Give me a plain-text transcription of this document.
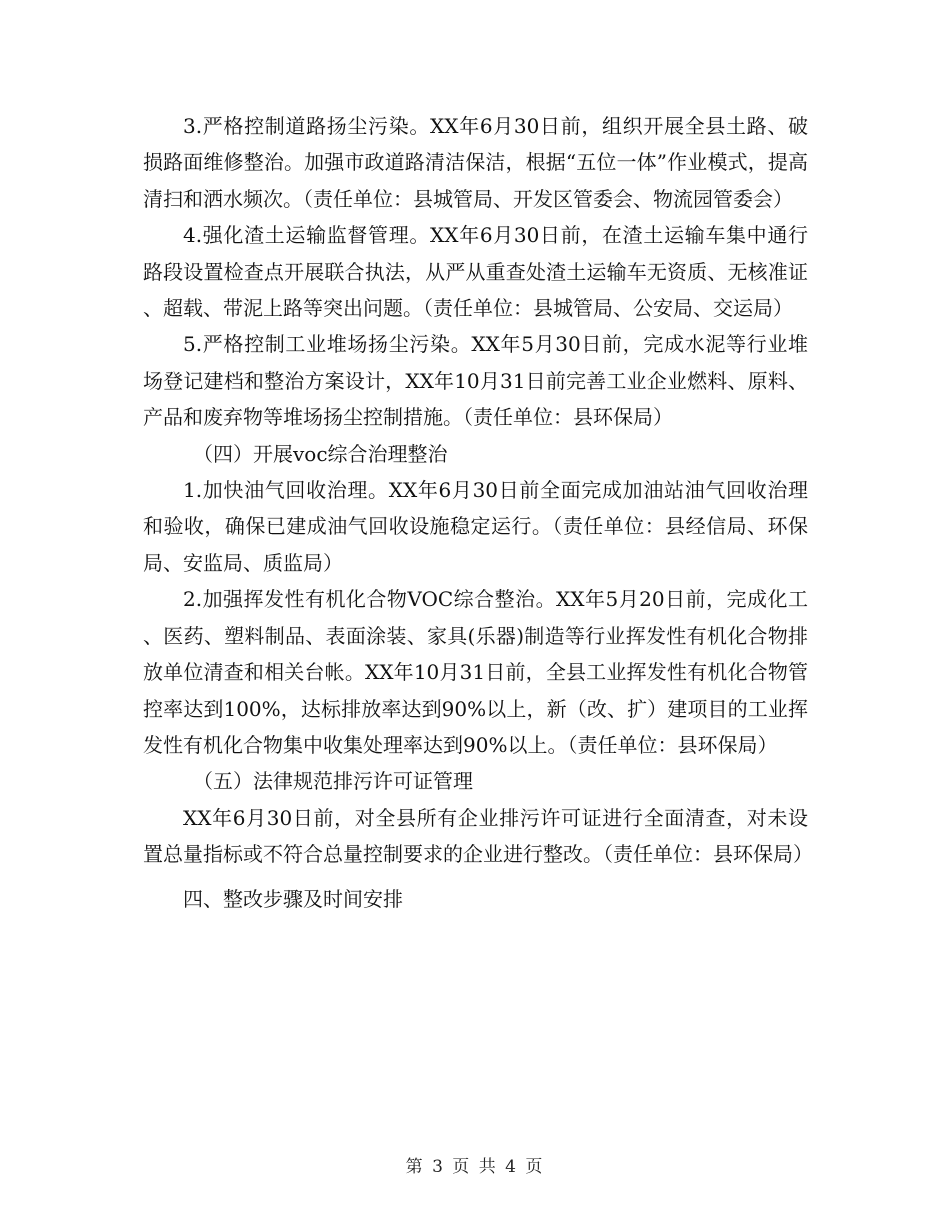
3.严格控制道路扬尘污染。XX年6月30日前，组织开展全县土路、破损路面维修整治。加强市政道路清洁保洁，根据“五位一体”作业模式，提高清扫和洒水频次。（责任单位：县城管局、开发区管委会、物流园管委会）

4.强化渣土运输监督管理。XX年6月30日前，在渣土运输车集中通行路段设置检查点开展联合执法，从严从重查处渣土运输车无资质、无核准证、超载、带泥上路等突出问题。（责任单位：县城管局、公安局、交运局）

5.严格控制工业堆场扬尘污染。XX年5月30日前，完成水泥等行业堆场登记建档和整治方案设计，XX年10月31日前完善工业企业燃料、原料、产品和废弃物等堆场扬尘控制措施。（责任单位：县环保局）

（四）开展voc综合治理整治

1.加快油气回收治理。XX年6月30日前全面完成加油站油气回收治理和验收，确保已建成油气回收设施稳定运行。（责任单位：县经信局、环保局、安监局、质监局）

2.加强挥发性有机化合物VOC综合整治。XX年5月20日前，完成化工、医药、塑料制品、表面涂装、家具(乐器)制造等行业挥发性有机化合物排放单位清查和相关台帐。XX年10月31日前，全县工业挥发性有机化合物管控率达到100%，达标排放率达到90%以上，新（改、扩）建项目的工业挥发性有机化合物集中收集处理率达到90%以上。（责任单位：县环保局）

（五）法律规范排污许可证管理

XX年6月30日前，对全县所有企业排污许可证进行全面清查，对未设置总量指标或不符合总量控制要求的企业进行整改。（责任单位：县环保局）

四、整改步骤及时间安排

第 3 页 共 4 页
